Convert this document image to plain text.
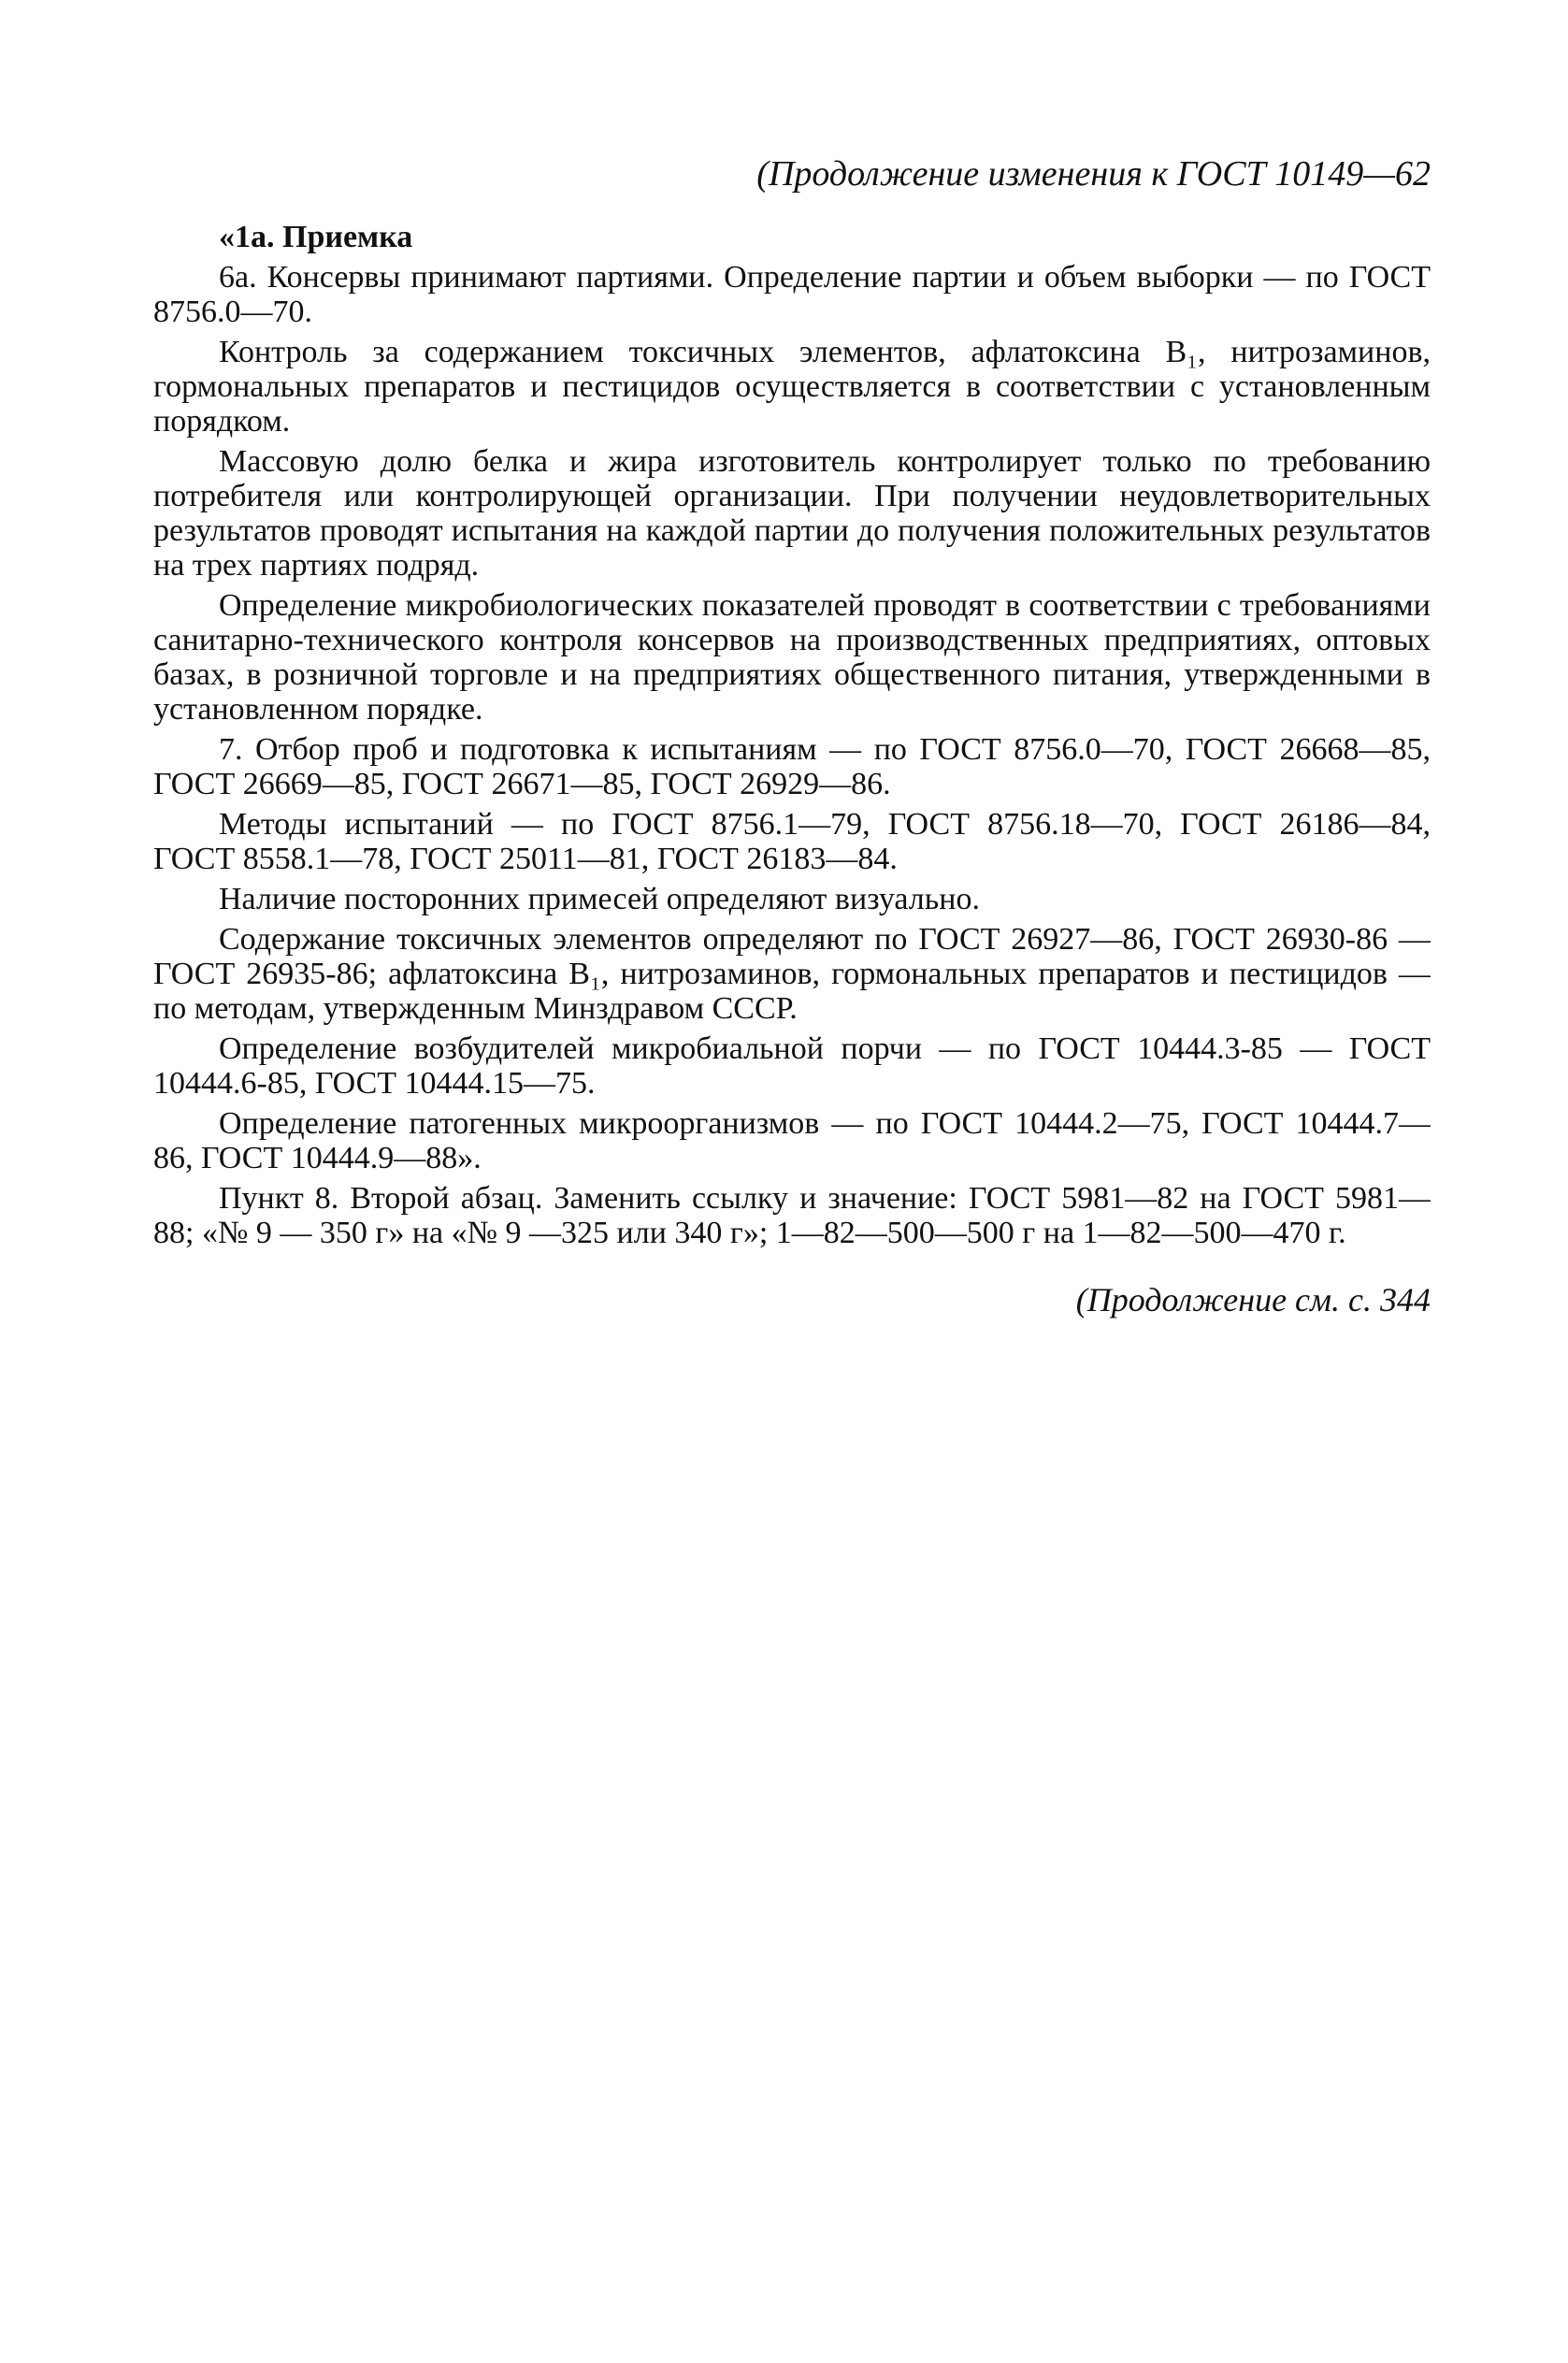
(Продолжение изменения к ГОСТ 10149—62
«1а. Приемка

6а. Консервы принимают партиями. Определение партии и объем выборки — по ГОСТ 8756.0—70.

Контроль за содержанием токсичных элементов, афлатоксина B₁, нитрозаминов, гормональных препаратов и пестицидов осуществляется в соответствии с установленным порядком.

Массовую долю белка и жира изготовитель контролирует только по требованию потребителя или контролирующей организации. При получении неудовлетворительных результатов проводят испытания на каждой партии до получения положительных результатов на трех партиях подряд.

Определение микробиологических показателей проводят в соответствии с требованиями санитарно-технического контроля консервов на производственных предприятиях, оптовых базах, в розничной торговле и на предприятиях общественного питания, утвержденными в установленном порядке.

7. Отбор проб и подготовка к испытаниям — по ГОСТ 8756.0—70, ГОСТ 26668—85, ГОСТ 26669—85, ГОСТ 26671—85, ГОСТ 26929—86.

Методы испытаний — по ГОСТ 8756.1—79, ГОСТ 8756.18—70, ГОСТ 26186—84, ГОСТ 8558.1—78, ГОСТ 25011—81, ГОСТ 26183—84.

Наличие посторонних примесей определяют визуально.

Содержание токсичных элементов определяют по ГОСТ 26927—86, ГОСТ 26930-86 — ГОСТ 26935-86; афлатоксина B₁, нитрозаминов, гормональных препаратов и пестицидов — по методам, утвержденным Минздравом СССР.

Определение возбудителей микробиальной порчи — по ГОСТ 10444.3-85 — ГОСТ 10444.6-85, ГОСТ 10444.15—75.

Определение патогенных микроорганизмов — по ГОСТ 10444.2—75, ГОСТ 10444.7—86, ГОСТ 10444.9—88».

Пункт 8. Второй абзац. Заменить ссылку и значение: ГОСТ 5981—82 на ГОСТ 5981—88; «№ 9 — 350 г» на «№ 9 —325 или 340 г»; 1—82—500—500 г на 1—82—500—470 г.

(Продолжение см. с. 344
